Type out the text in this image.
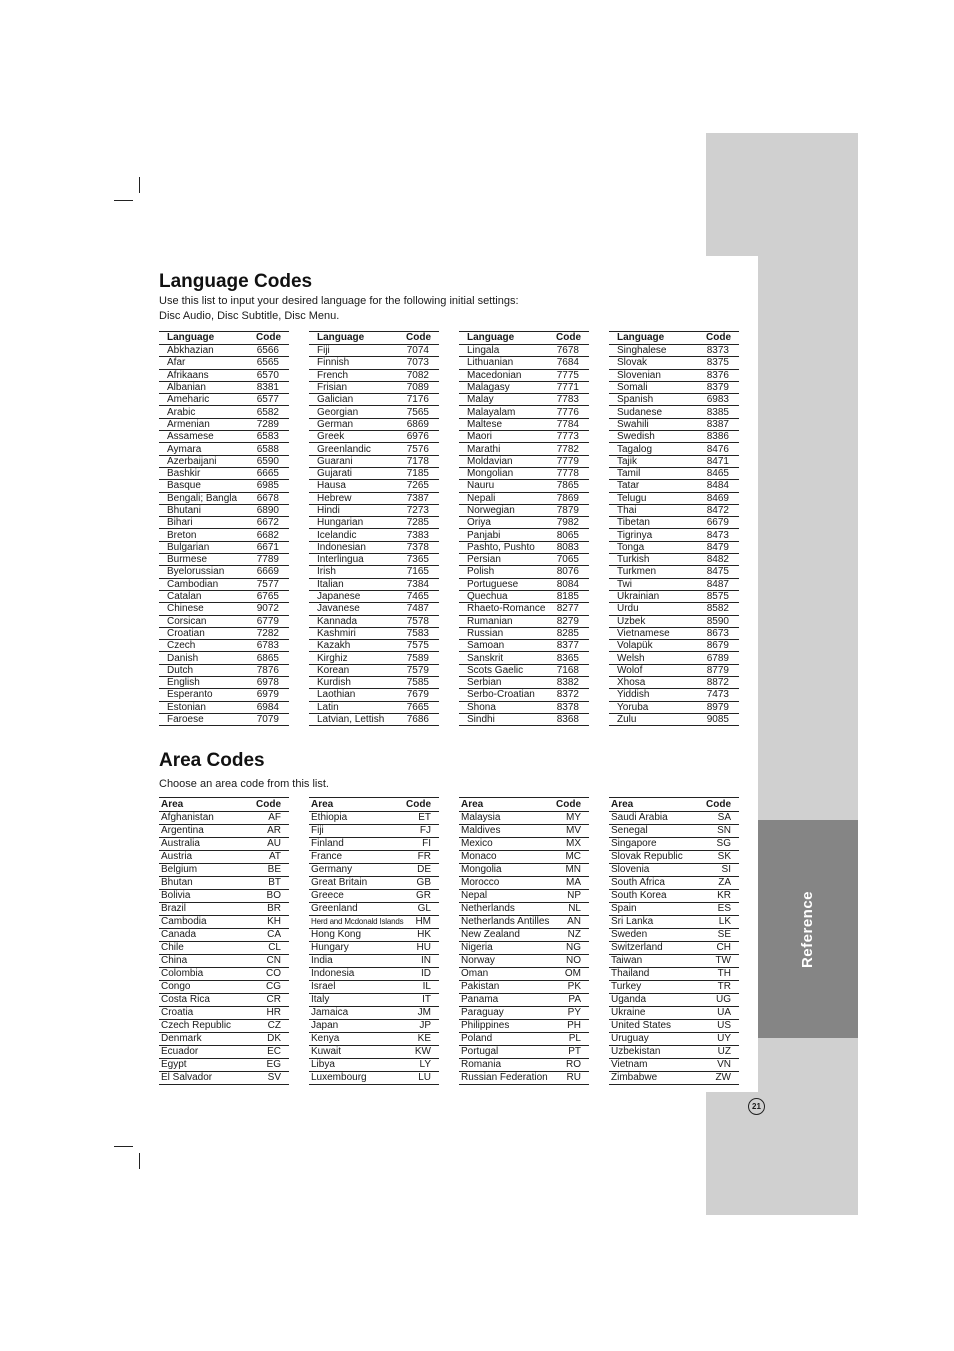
Reference
Language Codes

Use this list to input your desired language for the following initial settings:

Disc Audio, Disc Subtitle, Disc Menu.

Language	Code
Abkhazian	6566
Afar	6565
Afrikaans	6570
Albanian	8381
Ameharic	6577
Arabic	6582
Armenian	7289
Assamese	6583
Aymara	6588
Azerbaijani	6590
Bashkir	6665
Basque	6985
Bengali; Bangla	6678
Bhutani	6890
Bihari	6672
Breton	6682
Bulgarian	6671
Burmese	7789
Byelorussian	6669
Cambodian	7577
Catalan	6765
Chinese	9072
Corsican	6779
Croatian	7282
Czech	6783
Danish	6865
Dutch	7876
English	6978
Esperanto	6979
Estonian	6984
Faroese	7079
Language	Code
Fiji	7074
Finnish	7073
French	7082
Frisian	7089
Galician	7176
Georgian	7565
German	6869
Greek	6976
Greenlandic	7576
Guarani	7178
Gujarati	7185
Hausa	7265
Hebrew	7387
Hindi	7273
Hungarian	7285
Icelandic	7383
Indonesian	7378
Interlingua	7365
Irish	7165
Italian	7384
Japanese	7465
Javanese	7487
Kannada	7578
Kashmiri	7583
Kazakh	7575
Kirghiz	7589
Korean	7579
Kurdish	7585
Laothian	7679
Latin	7665
Latvian, Lettish	7686
Language	Code
Lingala	7678
Lithuanian	7684
Macedonian	7775
Malagasy	7771
Malay	7783
Malayalam	7776
Maltese	7784
Maori	7773
Marathi	7782
Moldavian	7779
Mongolian	7778
Nauru	7865
Nepali	7869
Norwegian	7879
Oriya	7982
Panjabi	8065
Pashto, Pushto	8083
Persian	7065
Polish	8076
Portuguese	8084
Quechua	8185
Rhaeto-Romance	8277
Rumanian	8279
Russian	8285
Samoan	8377
Sanskrit	8365
Scots Gaelic	7168
Serbian	8382
Serbo-Croatian	8372
Shona	8378
Sindhi	8368
Language	Code
Singhalese	8373
Slovak	8375
Slovenian	8376
Somali	8379
Spanish	6983
Sudanese	8385
Swahili	8387
Swedish	8386
Tagalog	8476
Tajik	8471
Tamil	8465
Tatar	8484
Telugu	8469
Thai	8472
Tibetan	6679
Tigrinya	8473
Tonga	8479
Turkish	8482
Turkmen	8475
Twi	8487
Ukrainian	8575
Urdu	8582
Uzbek	8590
Vietnamese	8673
Volapük	8679
Welsh	6789
Wolof	8779
Xhosa	8872
Yiddish	7473
Yoruba	8979
Zulu	9085
Area Codes

Choose an area code from this list.

Area	Code
Afghanistan	AF
Argentina	AR
Australia	AU
Austria	AT
Belgium	BE
Bhutan	BT
Bolivia	BO
Brazil	BR
Cambodia	KH
Canada	CA
Chile	CL
China	CN
Colombia	CO
Congo	CG
Costa Rica	CR
Croatia	HR
Czech Republic	CZ
Denmark	DK
Ecuador	EC
Egypt	EG
El Salvador	SV
Area	Code
Ethiopia	ET
Fiji	FJ
Finland	FI
France	FR
Germany	DE
Great Britain	GB
Greece	GR
Greenland	GL
Herd and Mcdonald Islands	HM
Hong Kong	HK
Hungary	HU
India	IN
Indonesia	ID
Israel	IL
Italy	IT
Jamaica	JM
Japan	JP
Kenya	KE
Kuwait	KW
Libya	LY
Luxembourg	LU
Area	Code
Malaysia	MY
Maldives	MV
Mexico	MX
Monaco	MC
Mongolia	MN
Morocco	MA
Nepal	NP
Netherlands	NL
Netherlands Antilles	AN
New Zealand	NZ
Nigeria	NG
Norway	NO
Oman	OM
Pakistan	PK
Panama	PA
Paraguay	PY
Philippines	PH
Poland	PL
Portugal	PT
Romania	RO
Russian Federation	RU
Area	Code
Saudi Arabia	SA
Senegal	SN
Singapore	SG
Slovak Republic	SK
Slovenia	SI
South Africa	ZA
South Korea	KR
Spain	ES
Sri Lanka	LK
Sweden	SE
Switzerland	CH
Taiwan	TW
Thailand	TH
Turkey	TR
Uganda	UG
Ukraine	UA
United States	US
Uruguay	UY
Uzbekistan	UZ
Vietnam	VN
Zimbabwe	ZW
21
